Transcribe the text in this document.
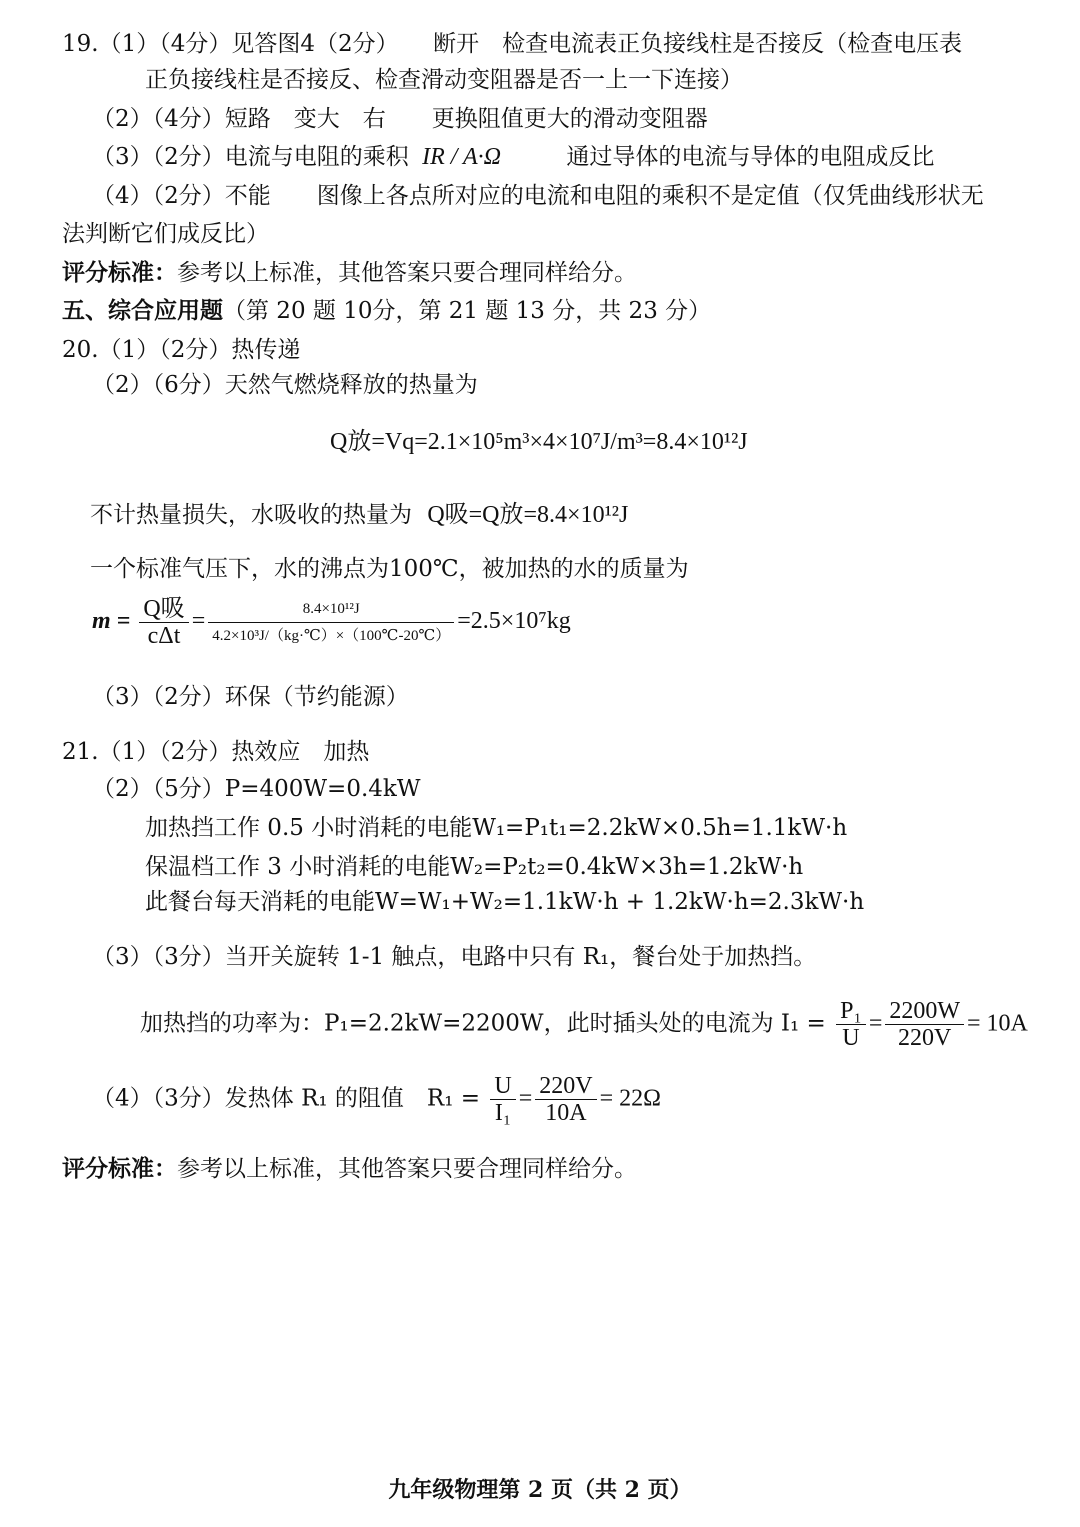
19.（1）（4分）见答图4（2分）　　断开　检查电流表正负接线柱是否接反（检查电压表
正负接线柱是否接反、检查滑动变阻器是否一上一下连接）
（2）（4分）短路　变大　右　　更换阻值更大的滑动变阻器
（3）（2分）电流与电阻的乘积 IR / A·Ω	通过导体的电流与导体的电阻成反比
（4）（2分）不能　　图像上各点所对应的电流和电阻的乘积不是定值（仅凭曲线形状无
法判断它们成反比）
评分标准：参考以上标准，其他答案只要合理同样给分。
五、综合应用题（第 20 题 10分，第 21 题 13 分，共 23 分）
20.（1）（2分）热传递
（2）（6分）天然气燃烧释放的热量为
Q放=Vq=2.1×10⁵m³×4×10⁷J/m³=8.4×10¹²J
不计热量损失，水吸收的热量为 Q吸=Q放=8.4×10¹²J
一个标准气压下，水的沸点为100℃，被加热的水的质量为
$m = \frac{\text{Q吸}}{\text{cΔt}} = \frac{\text{8.4×10¹²J}}{\text{4.2×10³J/（kg·℃）×（100℃-20℃）}} =2.5\times 10^7kg$
（3）（2分）环保（节约能源）
21.（1）（2分）热效应　加热
（2）（5分）P=400W=0.4kW
加热挡工作 0.5 小时消耗的电能W₁=P₁t₁=2.2kW×0.5h=1.1kW·h
保温档工作 3 小时消耗的电能W₂=P₂t₂=0.4kW×3h=1.2kW·h
此餐台每天消耗的电能W=W₁+W₂=1.1kW·h + 1.2kW·h=2.3kW·h
（3）（3分）当开关旋转 1-1 触点，电路中只有 R₁，餐台处于加热挡。
加热挡的功率为：P₁=2.2kW=2200W，此时插头处的电流为 $I_1 = \frac{\text{P₁}}{U} = \frac{2200W}{220V} = 10A$
（4）（3分）发热体 R₁ 的阻值　$R_1 = \frac{U}{\text{I₁}} = \frac{220V}{10A} = 22\Omega$
评分标准：参考以上标准，其他答案只要合理同样给分。
九年级物理第 2 页（共 2 页）
